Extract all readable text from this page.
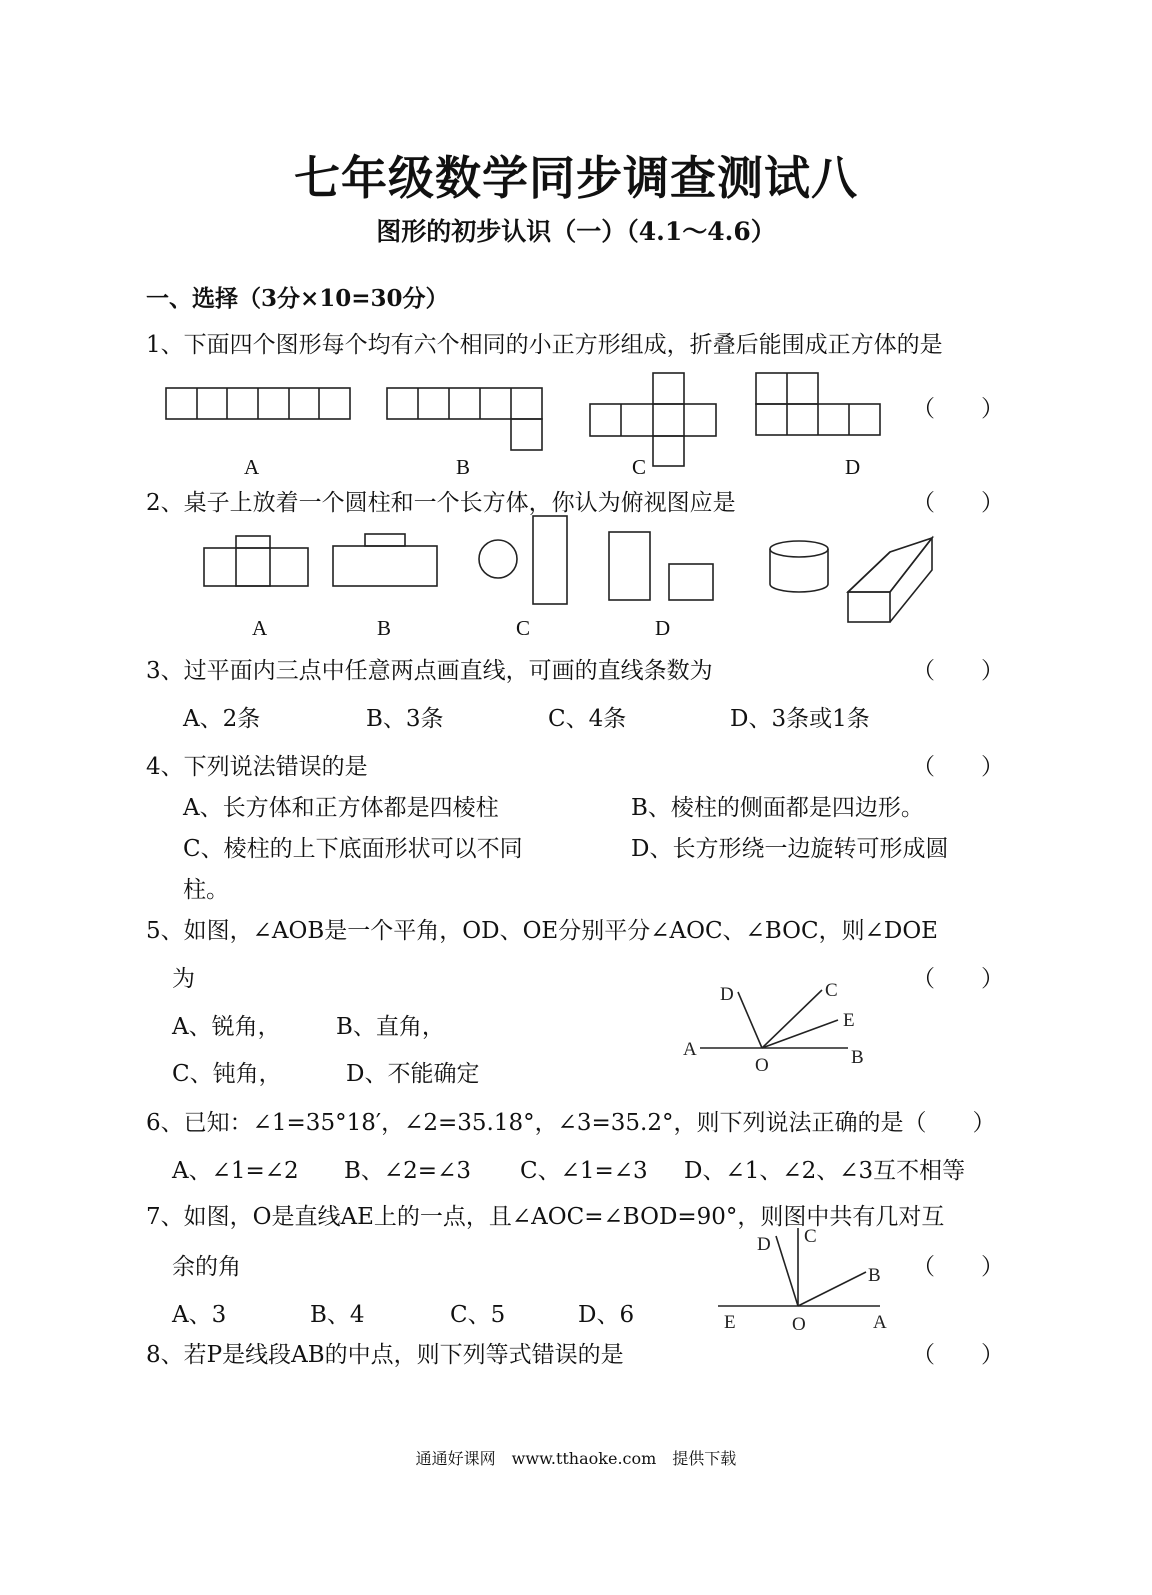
七年级数学同步调查测试八
图形的初步认识（一）（4.1～4.6）
一、选择（3分×10=30分）
1、下面四个图形每个均有六个相同的小正方形组成，折叠后能围成正方体的是
A	B	C	D
（　　）
2、桌子上放着一个圆柱和一个长方体，你认为俯视图应是	（　　）
A	B	C	D
3、过平面内三点中任意两点画直线，可画的直线条数为	（　　）
A、2条	B、3条	C、4条	D、3条或1条
4、下列说法错误的是	（　　）
A、长方体和正方体都是四棱柱	B、棱柱的侧面都是四边形。
C、棱柱的上下底面形状可以不同	D、长方形绕一边旋转可形成圆
柱。
5、如图，∠AOB是一个平角，OD、OE分别平分∠AOC、∠BOC，则∠DOE
为	（　　）
A、锐角， B、直角，
C、钝角，	D、不能确定
D	C
E
A
O	B
6、已知：∠1=35°18′，∠2=35.18°，∠3=35.2°，则下列说法正确的是（　　）
A、∠1=∠2 B、∠2=∠3 C、∠1=∠3 D、∠1、∠2、∠3互不相等
7、如图，O是直线AE上的一点，且∠AOC=∠BOD=90°，则图中共有几对互
余的角	（　　）
A、3	B、4	C、5	D、6
D C
B
E	O	A
8、若P是线段AB的中点，则下列等式错误的是	（　　）
通通好课网　www.tthaoke.com　提供下载
